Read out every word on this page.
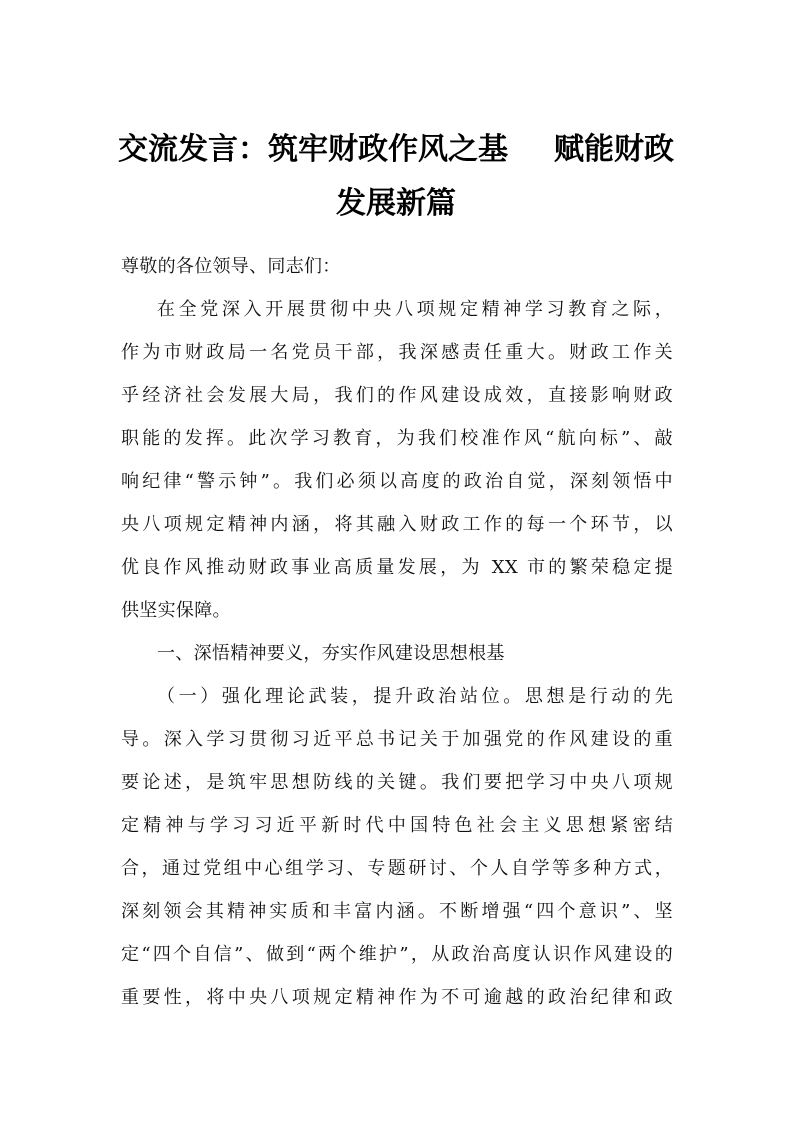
交流发言：筑牢财政作风之基 赋能财政
发展新篇
尊敬的各位领导、同志们：
在全党深入开展贯彻中央八项规定精神学习教育之际，
作为市财政局一名党员干部，我深感责任重大。财政工作关
乎经济社会发展大局，我们的作风建设成效，直接影响财政
职能的发挥。此次学习教育，为我们校准作风“航向标”、敲
响纪律“警示钟”。我们必须以高度的政治自觉，深刻领悟中
央八项规定精神内涵，将其融入财政工作的每一个环节，以
优良作风推动财政事业高质量发展，为 XX 市的繁荣稳定提
供坚实保障。
一、深悟精神要义，夯实作风建设思想根基
（一）强化理论武装，提升政治站位。思想是行动的先
导。深入学习贯彻习近平总书记关于加强党的作风建设的重
要论述，是筑牢思想防线的关键。我们要把学习中央八项规
定精神与学习习近平新时代中国特色社会主义思想紧密结
合，通过党组中心组学习、专题研讨、个人自学等多种方式，
深刻领会其精神实质和丰富内涵。不断增强“四个意识”、坚
定“四个自信”、做到“两个维护”，从政治高度认识作风建设的
重要性，将中央八项规定精神作为不可逾越的政治纪律和政
